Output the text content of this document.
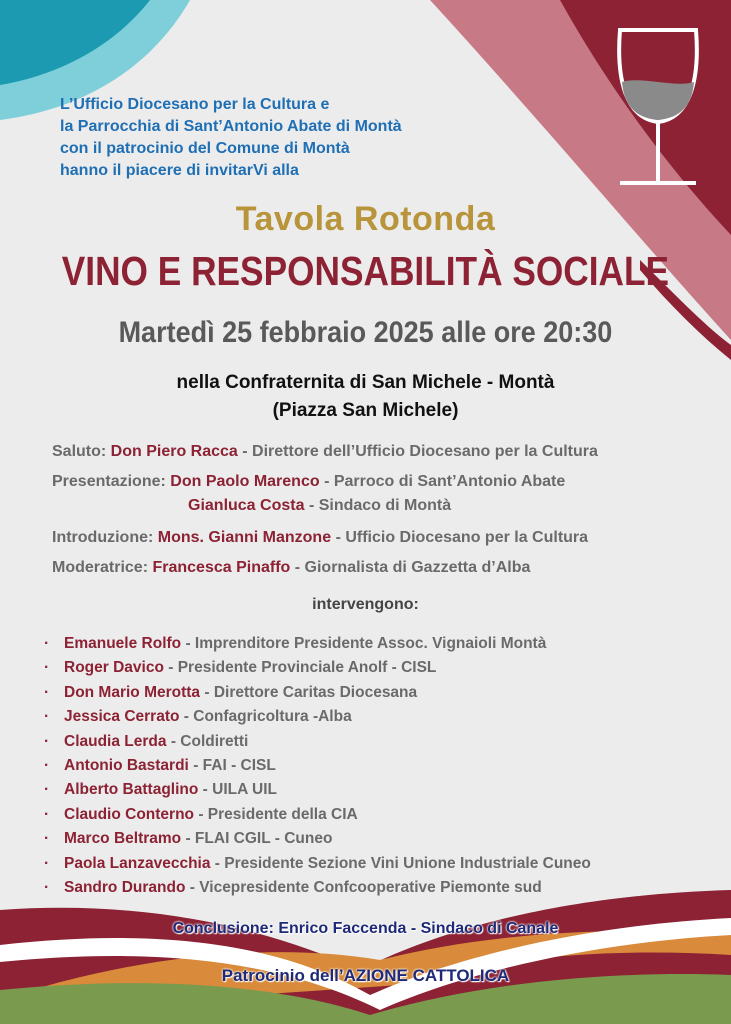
L’Ufficio Diocesano per la Cultura e
la Parrocchia di Sant’Antonio Abate di Montà
con il patrocinio del Comune di Montà
hanno il piacere di invitarVi alla
Tavola Rotonda
VINO E RESPONSABILITÀ SOCIALE
Martedì 25 febbraio 2025 alle ore 20:30
nella Confraternita di San Michele - Montà
(Piazza San Michele)
Saluto: Don Piero Racca - Direttore dell’Ufficio Diocesano per la Cultura
Presentazione: Don Paolo Marenco - Parroco di Sant’Antonio Abate
Gianluca Costa - Sindaco di Montà
Introduzione: Mons. Gianni Manzone - Ufficio Diocesano per la Cultura
Moderatrice: Francesca Pinaffo - Giornalista di Gazzetta d’Alba
intervengono:
· Emanuele Rolfo - Imprenditore Presidente Assoc. Vignaioli Montà
· Roger Davico - Presidente Provinciale Anolf - CISL
· Don Mario Merotta - Direttore Caritas Diocesana
· Jessica Cerrato - Confagricoltura -Alba
· Claudia Lerda - Coldiretti
· Antonio Bastardi - FAI - CISL
· Alberto Battaglino - UILA UIL
· Claudio Conterno - Presidente della CIA
· Marco Beltramo - FLAI CGIL - Cuneo
· Paola Lanzavecchia - Presidente Sezione Vini Unione Industriale Cuneo
· Sandro Durando - Vicepresidente Confcooperative Piemonte sud
Conclusione: Enrico Faccenda - Sindaco di Canale
Patrocinio dell’AZIONE CATTOLICA
